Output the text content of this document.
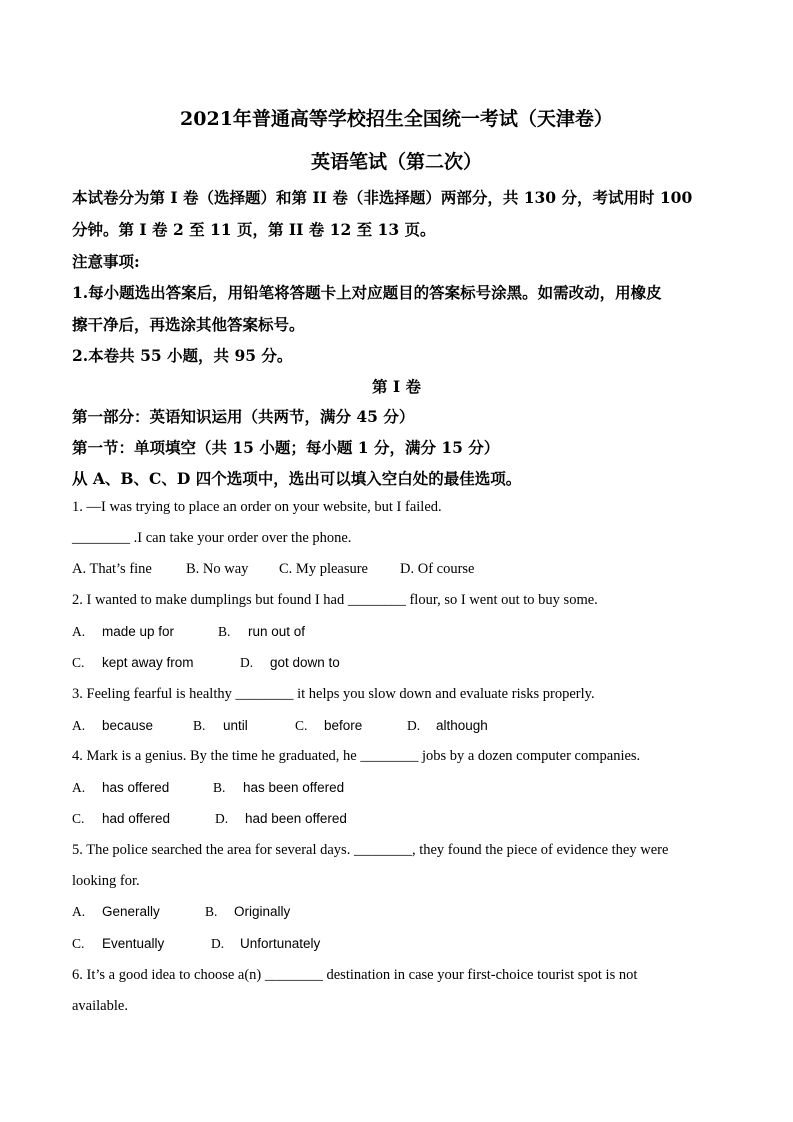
2021年普通高等学校招生全国统一考试（天津卷）
英语笔试（第二次）
本试卷分为第 I 卷（选择题）和第 II 卷（非选择题）两部分，共 130 分，考试用时 100
分钟。第 I 卷 2 至 11 页，第 II 卷 12 至 13 页。
注意事项:
1.每小题选出答案后，用铅笔将答题卡上对应题目的答案标号涂黑。如需改动，用橡皮
擦干净后，再选涂其他答案标号。
2.本卷共 55 小题，共 95 分。
第 I 卷
第一部分：英语知识运用（共两节，满分 45 分）
第一节：单项填空（共 15 小题；每小题 1 分，满分 15 分）
从 A、B、C、D 四个选项中，选出可以填入空白处的最佳选项。
1. —I was trying to place an order on your website, but I failed.
________ .I can take your order over the phone.
A. That’s fine B. No way C. My pleasure D. Of course
2. I wanted to make dumplings but found I had ________ flour, so I went out to buy some.
A. made up for	B. run out of
C. kept away from	D. got down to
3. Feeling fearful is healthy ________ it helps you slow down and evaluate risks properly.
A. because	B. until	C. before	D. although
4. Mark is a genius. By the time he graduated, he ________ jobs by a dozen computer companies.
A. has offered	B. has been offered
C. had offered	D. had been offered
5. The police searched the area for several days. ________, they found the piece of evidence they were
looking for.
A. Generally	B. Originally
C. Eventually	D. Unfortunately
6. It’s a good idea to choose a(n) ________ destination in case your first-choice tourist spot is not
available.
